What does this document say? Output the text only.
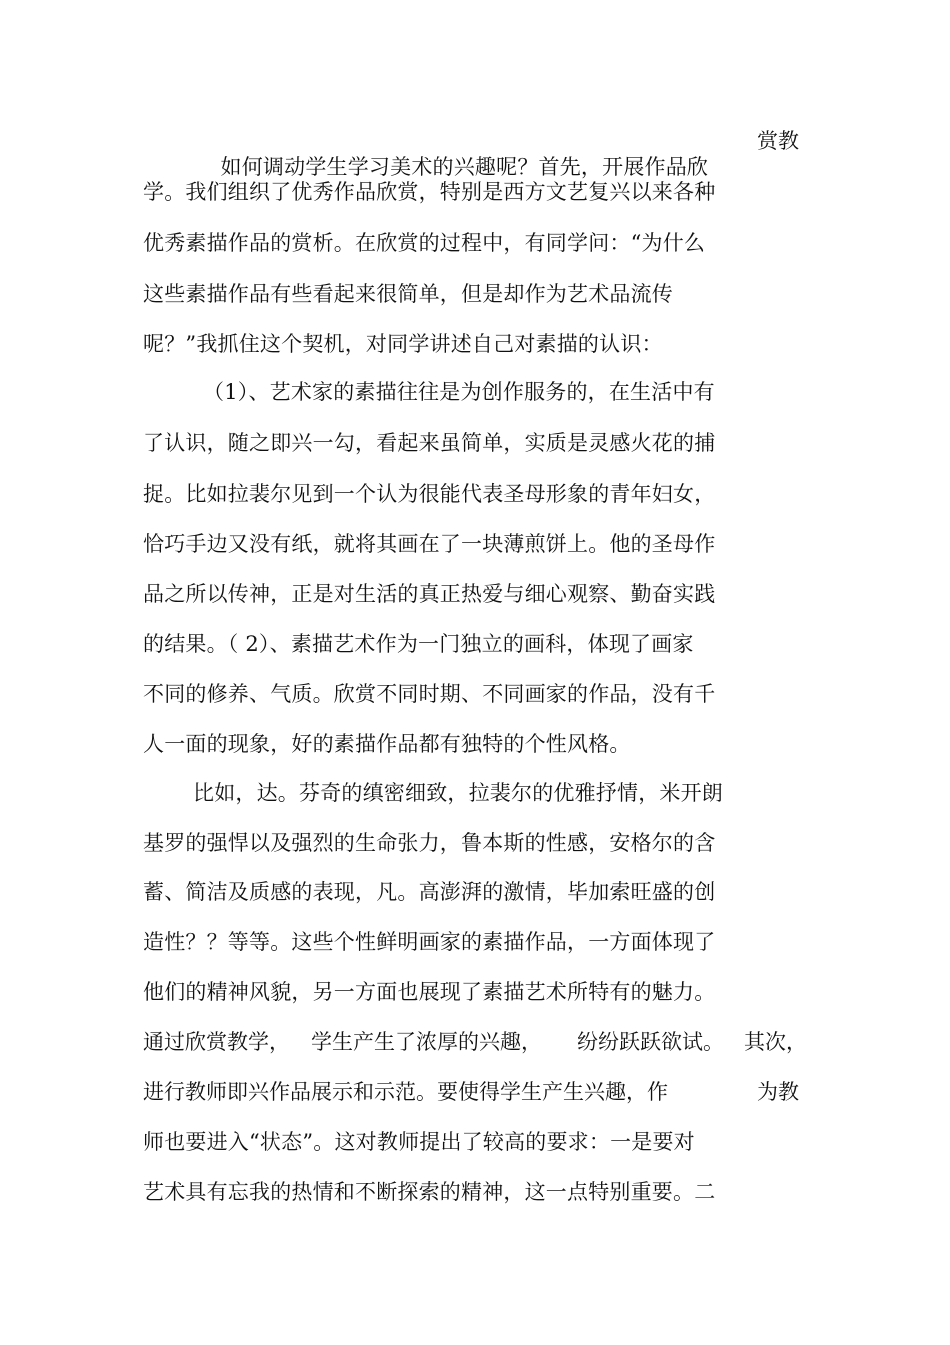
如何调动学生学习美术的兴趣呢？首先，开展作品欣

赏教
学。我们组织了优秀作品欣赏，特别是西方文艺复兴以来各种
优秀素描作品的赏析。在欣赏的过程中，有同学问：“为什么
这些素描作品有些看起来很简单，但是却作为艺术品流传
呢？”我抓住这个契机，对同学讲述自己对素描的认识：
（1）、艺术家的素描往往是为创作服务的，在生活中有
了认识，随之即兴一勾，看起来虽简单，实质是灵感火花的捕
捉。比如拉裴尔见到一个认为很能代表圣母形象的青年妇女，
恰巧手边又没有纸，就将其画在了一块薄煎饼上。他的圣母作
品之所以传神，正是对生活的真正热爱与细心观察、勤奋实践
的结果。（ 2）、素描艺术作为一门独立的画科，体现了画家
不同的修养、气质。欣赏不同时期、不同画家的作品，没有千
人一面的现象，好的素描作品都有独特的个性风格。
比如，达。芬奇的缜密细致，拉裴尔的优雅抒情，米开朗
基罗的强悍以及强烈的生命张力，鲁本斯的性感，安格尔的含
蓄、简洁及质感的表现，凡。高澎湃的激情，毕加索旺盛的创
造性？？等等。这些个性鲜明画家的素描作品，一方面体现了
他们的精神风貌，另一方面也展现了素描艺术所特有的魅力。
通过欣赏教学， 学生产生了浓厚的兴趣， 纷纷跃跃欲试。 其次，
进行教师即兴作品展示和示范。要使得学生产生兴趣，作	为教
师也要进入“状态”。这对教师提出了较高的要求：一是要对
艺术具有忘我的热情和不断探索的精神，这一点特别重要。二
